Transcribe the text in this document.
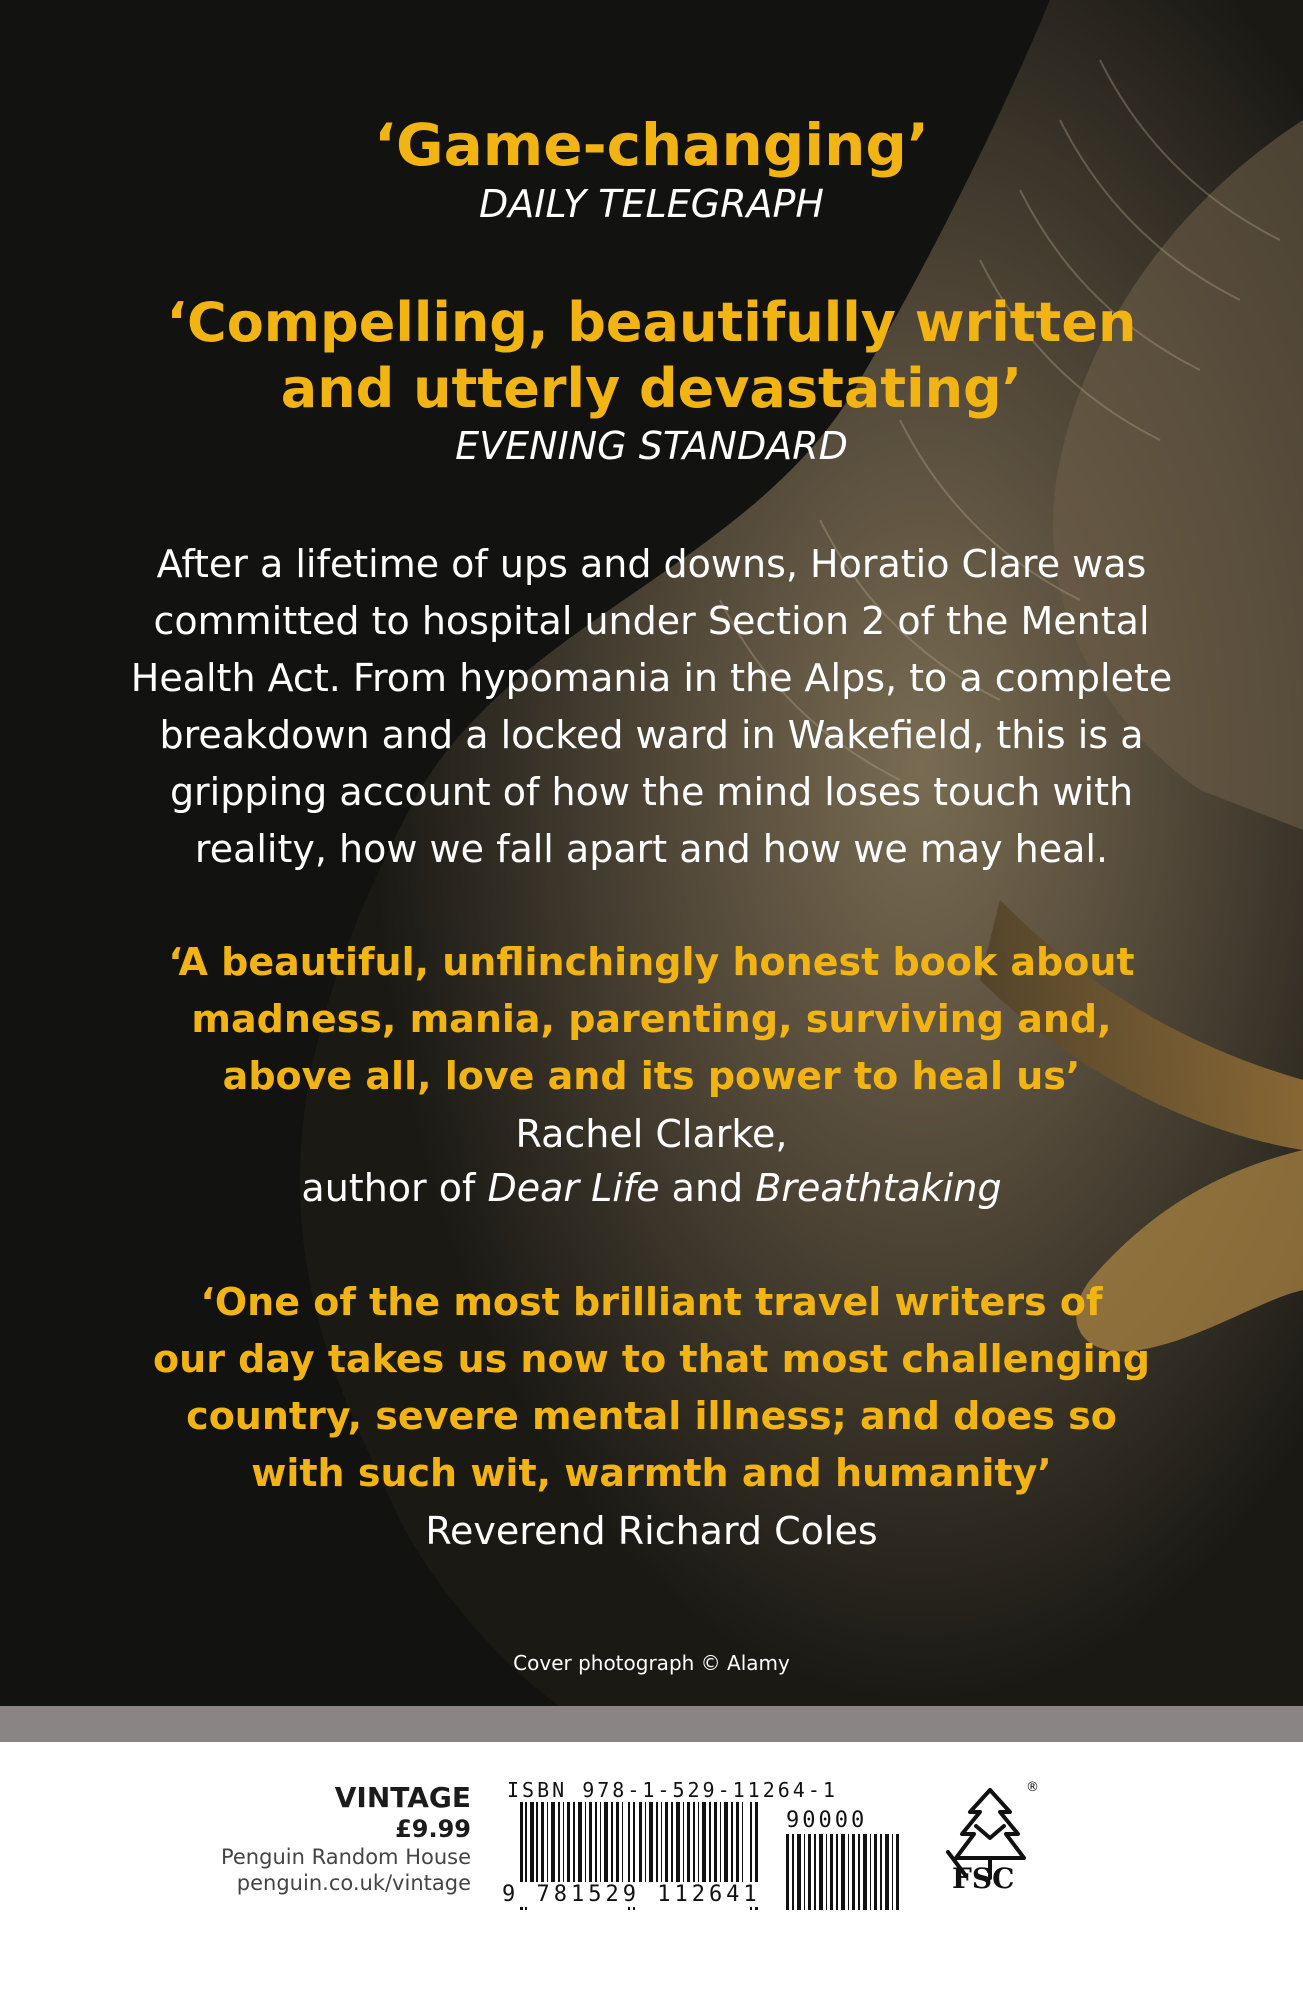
‘Game-changing’

DAILY TELEGRAPH

‘Compelling, beautifully written
and utterly devastating’

EVENING STANDARD

After a lifetime of ups and downs, Horatio Clare was
committed to hospital under Section 2 of the Mental
Health Act. From hypomania in the Alps, to a complete
breakdown and a locked ward in Wakefield, this is a
gripping account of how the mind loses touch with
reality, how we fall apart and how we may heal.
‘A beautiful, unflinchingly honest book about
madness, mania, parenting, surviving and,
above all, love and its power to heal us’

Rachel Clarke,

author of Dear Life and Breathtaking

‘One of the most brilliant travel writers of
our day takes us now to that most challenging
country, severe mental illness; and does so
with such wit, warmth and humanity’

Reverend Richard Coles

Cover photograph © Alamy

VINTAGE
£9.99
Penguin Random House
penguin.co.uk/vintage
ISBN 978-1-529-11264-1
9 781529 112641
90000
FSC
®
